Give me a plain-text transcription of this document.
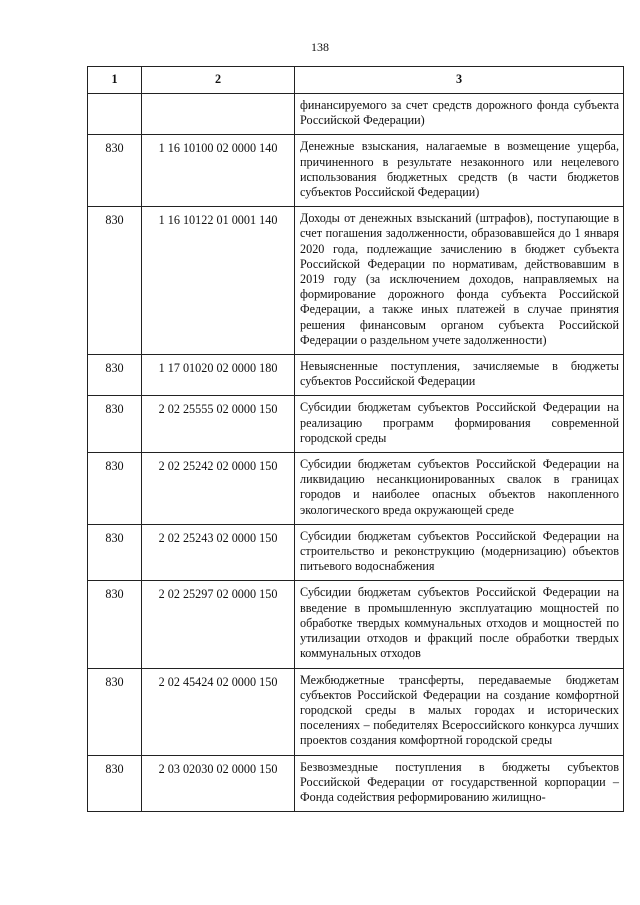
138
1	2	3
		финансируемого за счет средств дорожного фонда субъекта Российской Федерации)
830	1 16 10100 02 0000 140	Денежные взыскания, налагаемые в возмещение ущерба, причиненного в результате незаконного или нецелевого использования бюджетных средств (в части бюджетов субъектов Российской Федерации)
830	1 16 10122 01 0001 140	Доходы от денежных взысканий (штрафов), поступающие в счет погашения задолженности, образовавшейся до 1 января 2020 года, подлежащие зачислению в бюджет субъекта Российской Федерации по нормативам, действовавшим в 2019 году (за исключением доходов, направляемых на формирование дорожного фонда субъекта Российской Федерации, а также иных платежей в случае принятия решения финансовым органом субъекта Российской Федерации о раздельном учете задолженности)
830	1 17 01020 02 0000 180	Невыясненные поступления, зачисляемые в бюджеты субъектов Российской Федерации
830	2 02 25555 02 0000 150	Субсидии бюджетам субъектов Российской Федерации на реализацию программ формирования современной городской среды
830	2 02 25242 02 0000 150	Субсидии бюджетам субъектов Российской Федерации на ликвидацию несанкционированных свалок в границах городов и наиболее опасных объектов накопленного экологического вреда окружающей среде
830	2 02 25243 02 0000 150	Субсидии бюджетам субъектов Российской Федерации на строительство и реконструкцию (модернизацию) объектов питьевого водоснабжения
830	2 02 25297 02 0000 150	Субсидии бюджетам субъектов Российской Федерации на введение в промышленную эксплуатацию мощностей по обработке твердых коммунальных отходов и мощностей по утилизации отходов и фракций после обработки твердых коммунальных отходов
830	2 02 45424 02 0000 150	Межбюджетные трансферты, передаваемые бюджетам субъектов Российской Федерации на создание комфортной городской среды в малых городах и исторических поселениях – победителях Всероссийского конкурса лучших проектов создания комфортной городской среды
830	2 03 02030 02 0000 150	Безвозмездные поступления в бюджеты субъектов Российской Федерации от государственной корпорации – Фонда содействия реформированию жилищно-
